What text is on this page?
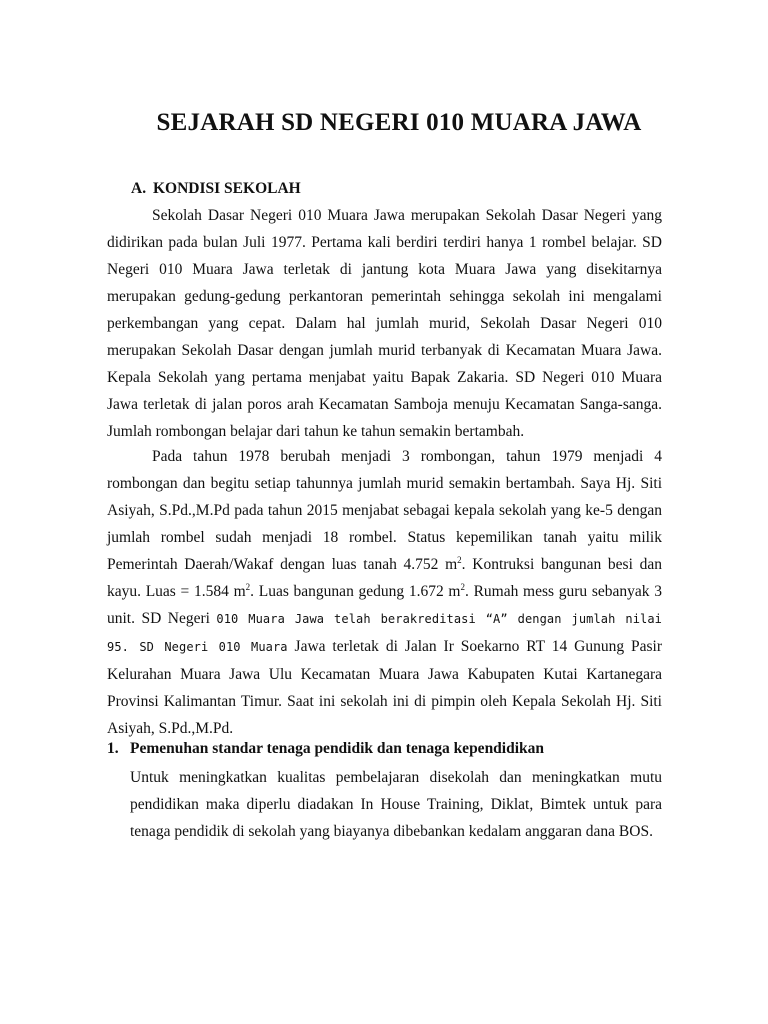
SEJARAH SD NEGERI 010 MUARA JAWA
A. KONDISI SEKOLAH

Sekolah Dasar Negeri 010 Muara Jawa merupakan Sekolah Dasar Negeri yang didirikan pada bulan Juli 1977. Pertama kali berdiri terdiri hanya 1 rombel belajar. SD Negeri 010 Muara Jawa terletak di jantung kota Muara Jawa yang disekitarnya merupakan gedung-gedung perkantoran pemerintah sehingga sekolah ini mengalami perkembangan yang cepat. Dalam hal jumlah murid, Sekolah Dasar Negeri 010 merupakan Sekolah Dasar dengan jumlah murid terbanyak di Kecamatan Muara Jawa. Kepala Sekolah yang pertama menjabat yaitu Bapak Zakaria. SD Negeri 010 Muara Jawa terletak di jalan poros arah Kecamatan Samboja menuju Kecamatan Sanga-sanga. Jumlah rombongan belajar dari tahun ke tahun semakin bertambah.

Pada tahun 1978 berubah menjadi 3 rombongan, tahun 1979 menjadi 4 rombongan dan begitu setiap tahunnya jumlah murid semakin bertambah. Saya Hj. Siti Asiyah, S.Pd.,M.Pd pada tahun 2015 menjabat sebagai kepala sekolah yang ke-5 dengan jumlah rombel sudah menjadi 18 rombel. Status kepemilikan tanah yaitu milik Pemerintah Daerah/Wakaf dengan luas tanah 4.752 $m^2$. Kontruksi bangunan besi dan kayu. Luas = 1.584 $m^2$. Luas bangunan gedung 1.672 $m^2$. Rumah mess guru sebanyak 3 unit. SD Negeri 010 Muara Jawa telah berakreditasi “A” dengan jumlah nilai 95. SD Negeri 010 Muara Jawa terletak di Jalan Ir Soekarno RT 14 Gunung Pasir Kelurahan Muara Jawa Ulu Kecamatan Muara Jawa Kabupaten Kutai Kartanegara Provinsi Kalimantan Timur. Saat ini sekolah ini di pimpin oleh Kepala Sekolah Hj. Siti Asiyah, S.Pd.,M.Pd.

1. Pemenuhan standar tenaga pendidik dan tenaga kependidikan

Untuk meningkatkan kualitas pembelajaran disekolah dan meningkatkan mutu pendidikan maka diperlu diadakan In House Training, Diklat, Bimtek untuk para tenaga pendidik di sekolah yang biayanya dibebankan kedalam anggaran dana BOS.
